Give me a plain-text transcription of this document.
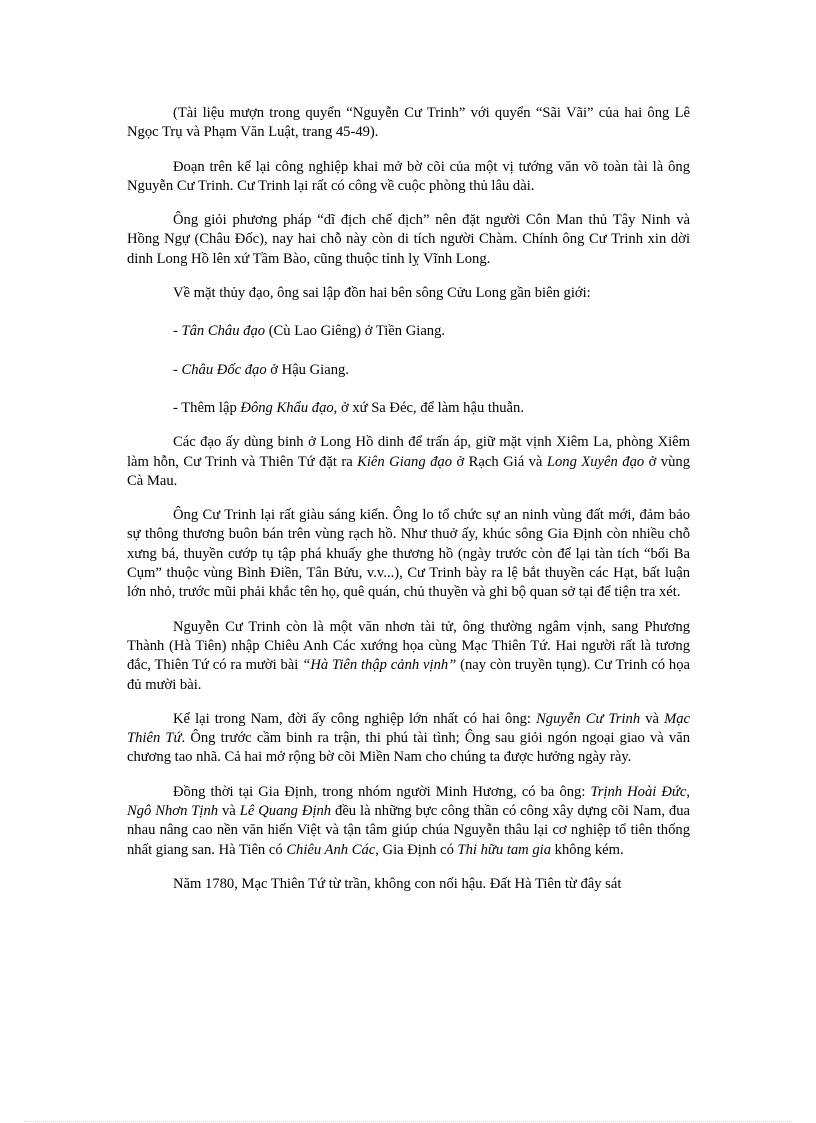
(Tài liệu mượn trong quyển “Nguyễn Cư Trinh” với quyển “Sãi Vãi” của hai ông Lê Ngọc Trụ và Phạm Văn Luật, trang 45-49).

Đoạn trên kể lại công nghiệp khai mở bờ cõi của một vị tướng văn võ toàn tài là ông Nguyễn Cư Trinh. Cư Trinh lại rất có công về cuộc phòng thủ lâu dài.

Ông giỏi phương pháp “dĩ địch chế địch” nên đặt người Côn Man thủ Tây Ninh và Hồng Ngự (Châu Đốc), nay hai chỗ này còn di tích người Chàm. Chính ông Cư Trinh xin dời dinh Long Hồ lên xứ Tầm Bào, cũng thuộc tỉnh lỵ Vĩnh Long.

Về mặt thủy đạo, ông sai lập đồn hai bên sông Cửu Long gần biên giới:

- Tân Châu đạo (Cù Lao Giêng) ở Tiền Giang.

- Châu Đốc đạo ở Hậu Giang.

- Thêm lập Đông Khẩu đạo, ở xứ Sa Đéc, để làm hậu thuẫn.

Các đạo ấy dùng binh ở Long Hồ dinh để trấn áp, giữ mặt vịnh Xiêm La, phòng Xiêm làm hỗn, Cư Trinh và Thiên Tứ đặt ra Kiên Giang đạo ở Rạch Giá và Long Xuyên đạo ở vùng Cà Mau.

Ông Cư Trinh lại rất giàu sáng kiến. Ông lo tổ chức sự an ninh vùng đất mới, đảm bảo sự thông thương buôn bán trên vùng rạch hồ. Như thuở ấy, khúc sông Gia Định còn nhiều chỗ xưng bá, thuyền cướp tụ tập phá khuấy ghe thương hồ (ngày trước còn để lại tàn tích “bối Ba Cụm” thuộc vùng Bình Điền, Tân Bửu, v.v...), Cư Trinh bày ra lệ bắt thuyền các Hạt, bất luận lớn nhỏ, trước mũi phải khắc tên họ, quê quán, chủ thuyền và ghi bộ quan sở tại để tiện tra xét.

Nguyễn Cư Trinh còn là một văn nhơn tài tử, ông thường ngâm vịnh, sang Phương Thành (Hà Tiên) nhập Chiêu Anh Các xướng họa cùng Mạc Thiên Tứ. Hai người rất là tương đắc, Thiên Tứ có ra mười bài “Hà Tiên thập cảnh vịnh” (nay còn truyền tụng). Cư Trinh có họa đủ mười bài.

Kể lại trong Nam, đời ấy công nghiệp lớn nhất có hai ông: Nguyễn Cư Trinh và Mạc Thiên Tứ. Ông trước cầm binh ra trận, thi phú tài tình; Ông sau giỏi ngón ngoại giao và văn chương tao nhã. Cả hai mở rộng bờ cõi Miền Nam cho chúng ta được hưởng ngày rày.

Đồng thời tại Gia Định, trong nhóm người Minh Hương, có ba ông: Trịnh Hoài Đức, Ngô Nhơn Tịnh và Lê Quang Định đều là những bực công thần có công xây dựng cõi Nam, đua nhau nâng cao nền văn hiến Việt và tận tâm giúp chúa Nguyễn thâu lại cơ nghiệp tổ tiên thống nhất giang san. Hà Tiên có Chiêu Anh Các, Gia Định có Thi hữu tam gia không kém.

Năm 1780, Mạc Thiên Tứ từ trần, không con nối hậu. Đất Hà Tiên từ đây sát
